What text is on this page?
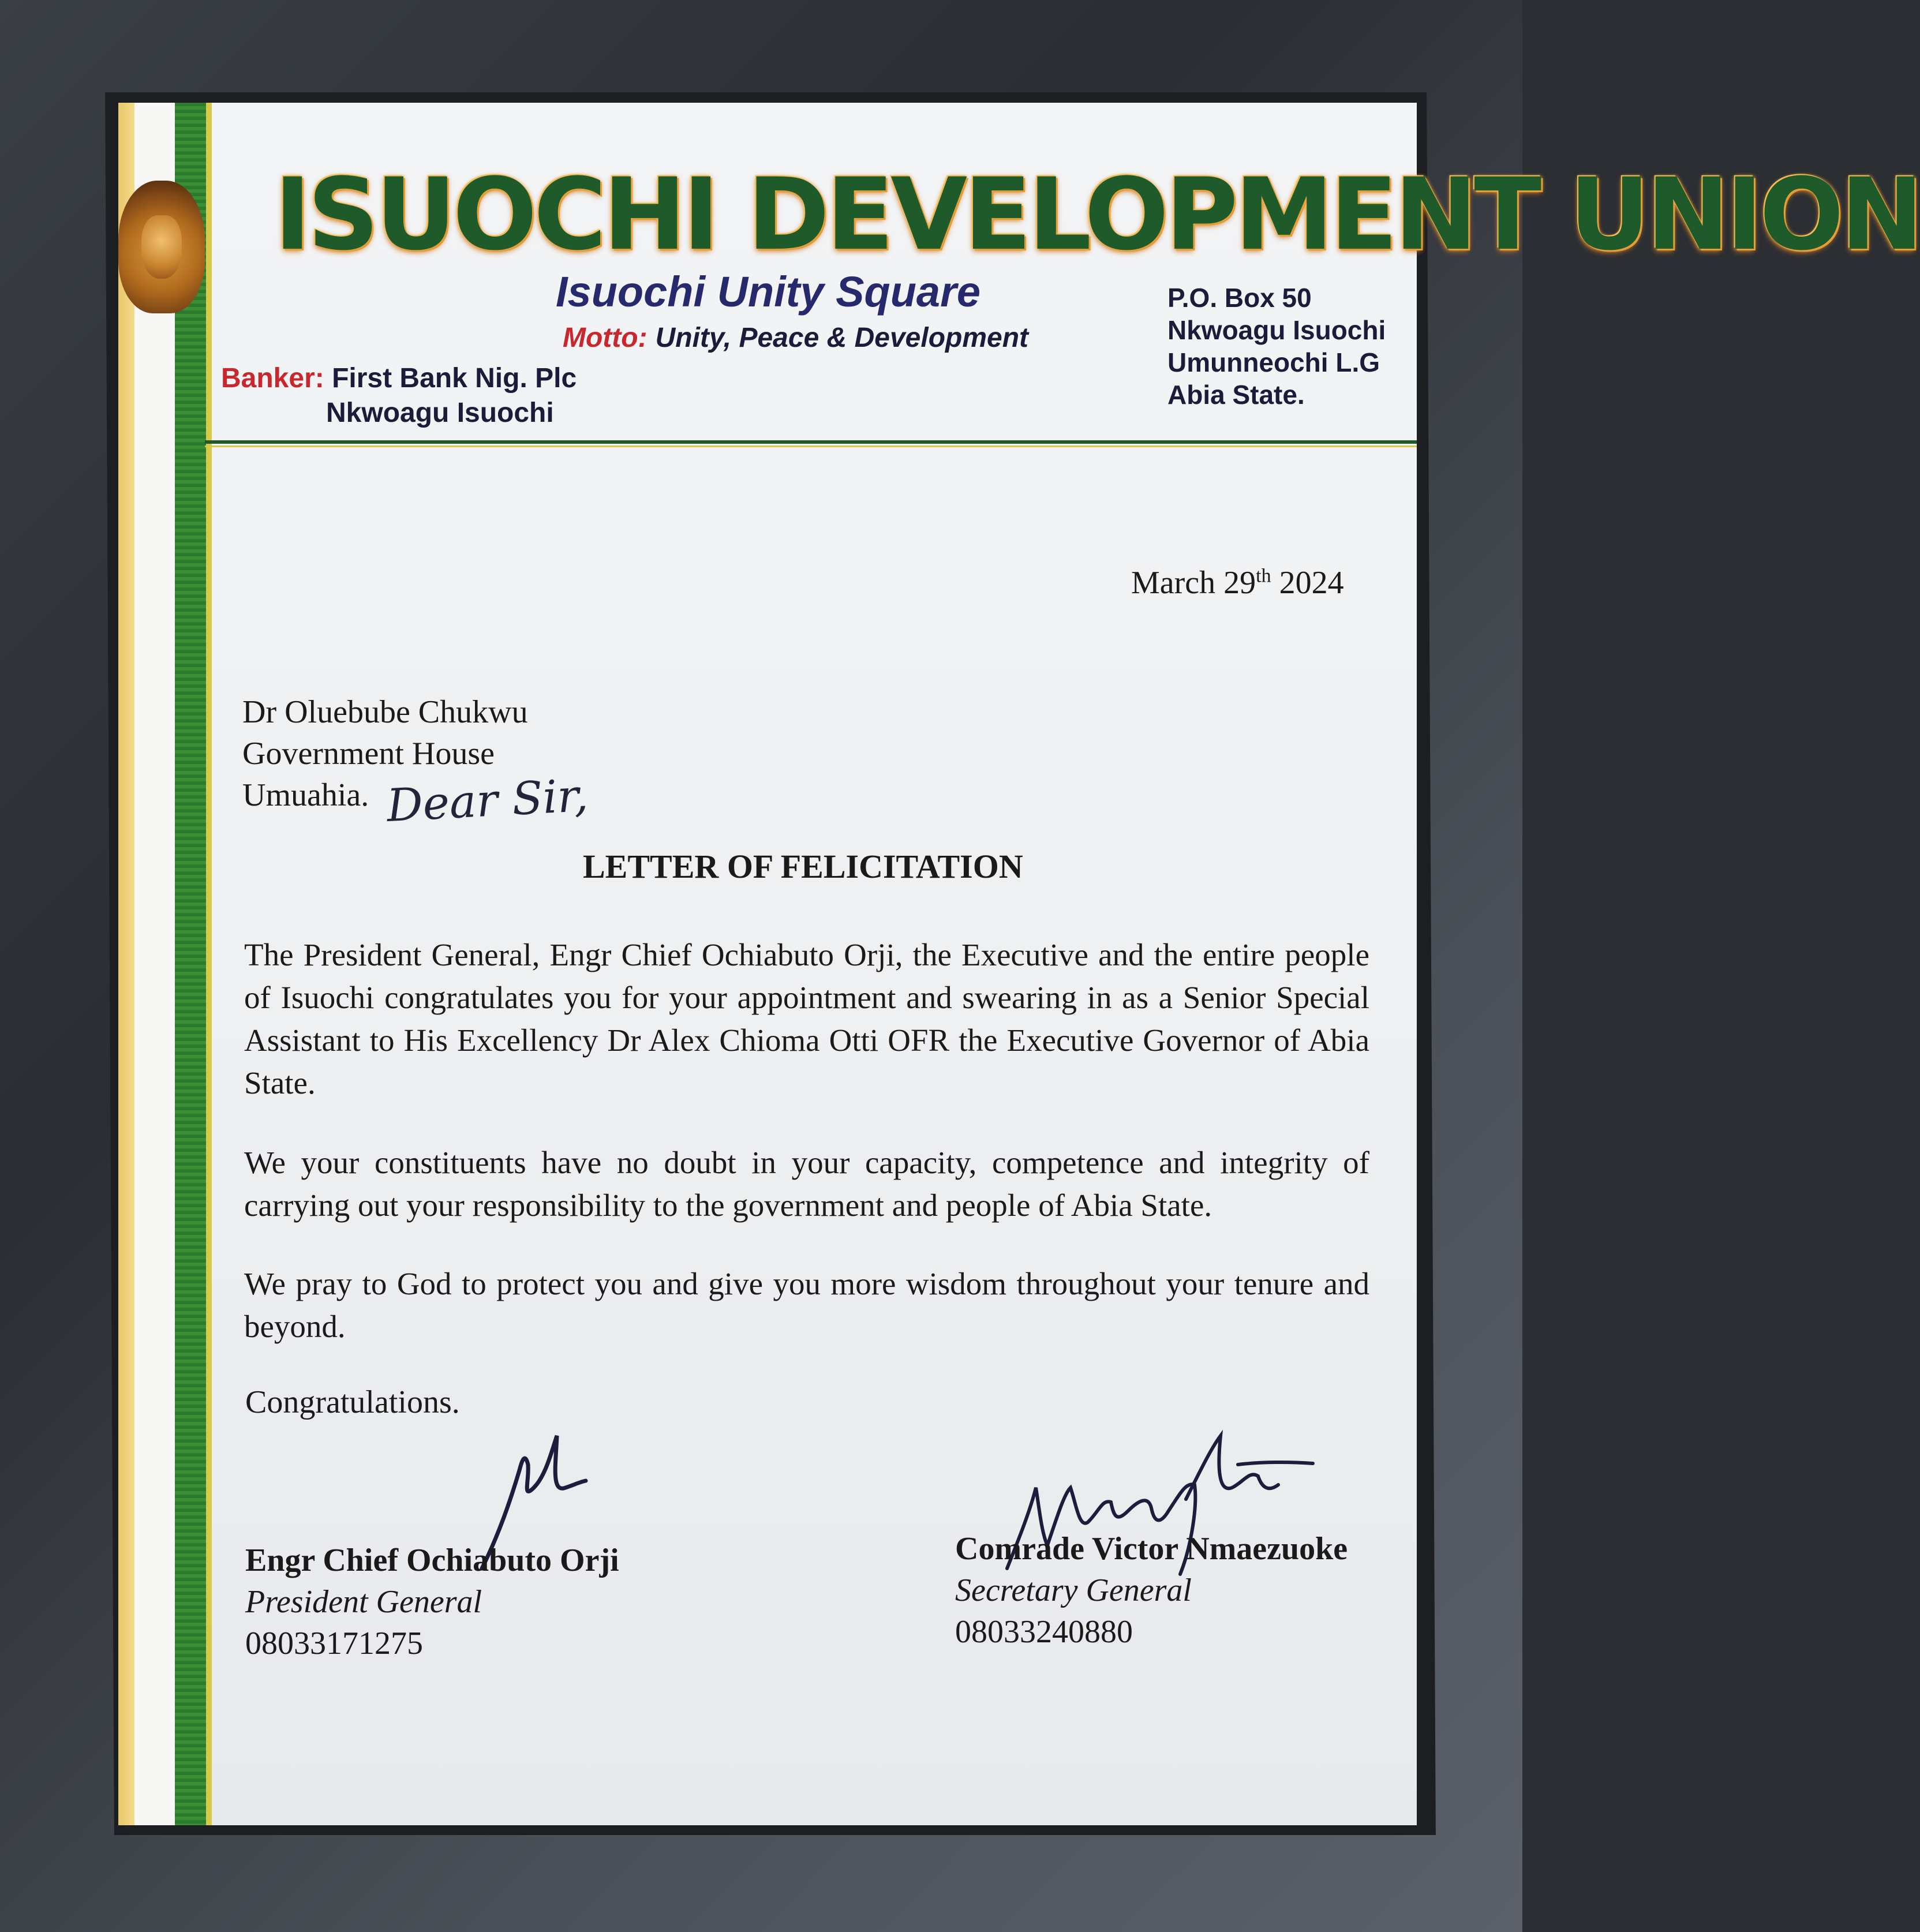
ISUOCHI DEVELOPMENT UNION
Isuochi Unity Square
Motto: Unity, Peace & Development
Banker: First Bank Nig. Plc
Nkwoagu Isuochi
P.O. Box 50
Nkwoagu Isuochi
Umunneochi L.G
Abia State.
March 29th 2024
Dr Oluebube Chukwu
Government House
Umuahia. Dear Sir,
LETTER OF FELICITATION
The President General, Engr Chief Ochiabuto Orji, the Executive and the entire people of Isuochi congratulates you for your appointment and swearing in as a Senior Special Assistant to His Excellency Dr Alex Chioma Otti OFR the Executive Governor of Abia State.
We your constituents have no doubt in your capacity, competence and integrity of carrying out your responsibility to the government and people of Abia State.
We pray to God to protect you and give you more wisdom throughout your tenure and beyond.
Congratulations.
Engr Chief Ochiabuto Orji
President General
08033171275
Comrade Victor Nmaezuoke
Secretary General
08033240880
